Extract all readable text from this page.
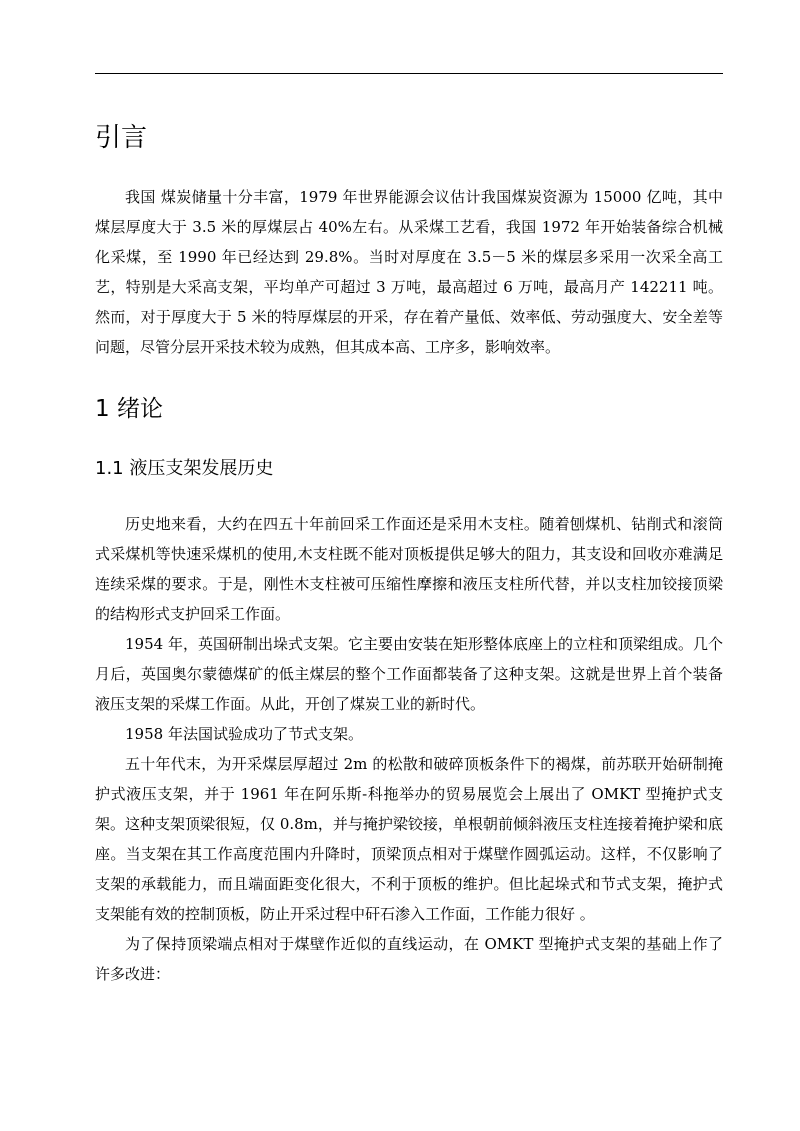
引言

我国 煤炭储量十分丰富，1979 年世界能源会议估计我国煤炭资源为 15000 亿吨，其中煤层厚度大于 3.5 米的厚煤层占 40%左右。从采煤工艺看，我国 1972 年开始装备综合机械化采煤，至 1990 年已经达到 29.8%。当时对厚度在 3.5－5 米的煤层多采用一次采全高工艺，特别是大采高支架，平均单产可超过 3 万吨，最高超过 6 万吨，最高月产 142211 吨。然而，对于厚度大于 5 米的特厚煤层的开采，存在着产量低、效率低、劳动强度大、安全差等问题，尽管分层开采技术较为成熟，但其成本高、工序多，影响效率。

1 绪论
1.1 液压支架发展历史

历史地来看，大约在四五十年前回采工作面还是采用木支柱。随着刨煤机、钻削式和滚筒式采煤机等快速采煤机的使用,木支柱既不能对顶板提供足够大的阻力，其支设和回收亦难满足连续采煤的要求。于是，刚性木支柱被可压缩性摩擦和液压支柱所代替，并以支柱加铰接顶梁的结构形式支护回采工作面。

1954 年，英国研制出垛式支架。它主要由安装在矩形整体底座上的立柱和顶梁组成。几个月后，英国奥尔蒙德煤矿的低主煤层的整个工作面都装备了这种支架。这就是世界上首个装备液压支架的采煤工作面。从此，开创了煤炭工业的新时代。

1958 年法国试验成功了节式支架。

五十年代末，为开采煤层厚超过 2m 的松散和破碎顶板条件下的褐煤，前苏联开始研制掩护式液压支架，并于 1961 年在阿乐斯-科拖举办的贸易展览会上展出了 OMKT 型掩护式支架。这种支架顶梁很短，仅 0.8m，并与掩护梁铰接，单根朝前倾斜液压支柱连接着掩护梁和底座。当支架在其工作高度范围内升降时，顶梁顶点相对于煤壁作圆弧运动。这样，不仅影响了支架的承载能力，而且端面距变化很大，不利于顶板的维护。但比起垛式和节式支架，掩护式支架能有效的控制顶板，防止开采过程中矸石渗入工作面，工作能力很好 。

为了保持顶梁端点相对于煤壁作近似的直线运动，在 OMKT 型掩护式支架的基础上作了许多改进：
